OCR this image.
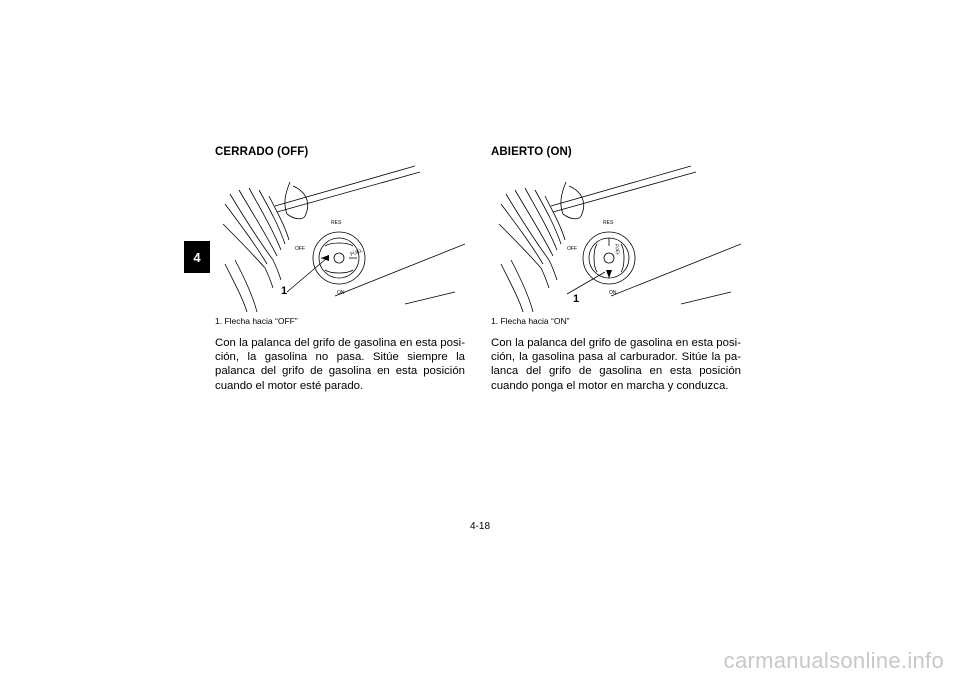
4
CERRADO (OFF)
RES
OFF
ON
FUEL
1
1. Flecha hacia “OFF”

Con la palanca del grifo de gasolina en esta posi-ción, la gasolina no pasa. Sitúe siempre la palanca del grifo de gasolina en esta posición cuando el motor esté parado.

ABIERTO (ON)
RES
OFF
ON
FUEL
1
1. Flecha hacia “ON”

Con la palanca del grifo de gasolina en esta posi-ción, la gasolina pasa al carburador. Sitúe la pa-lanca del grifo de gasolina en esta posición cuando ponga el motor en marcha y conduzca.

4-18
carmanualsonline.info
